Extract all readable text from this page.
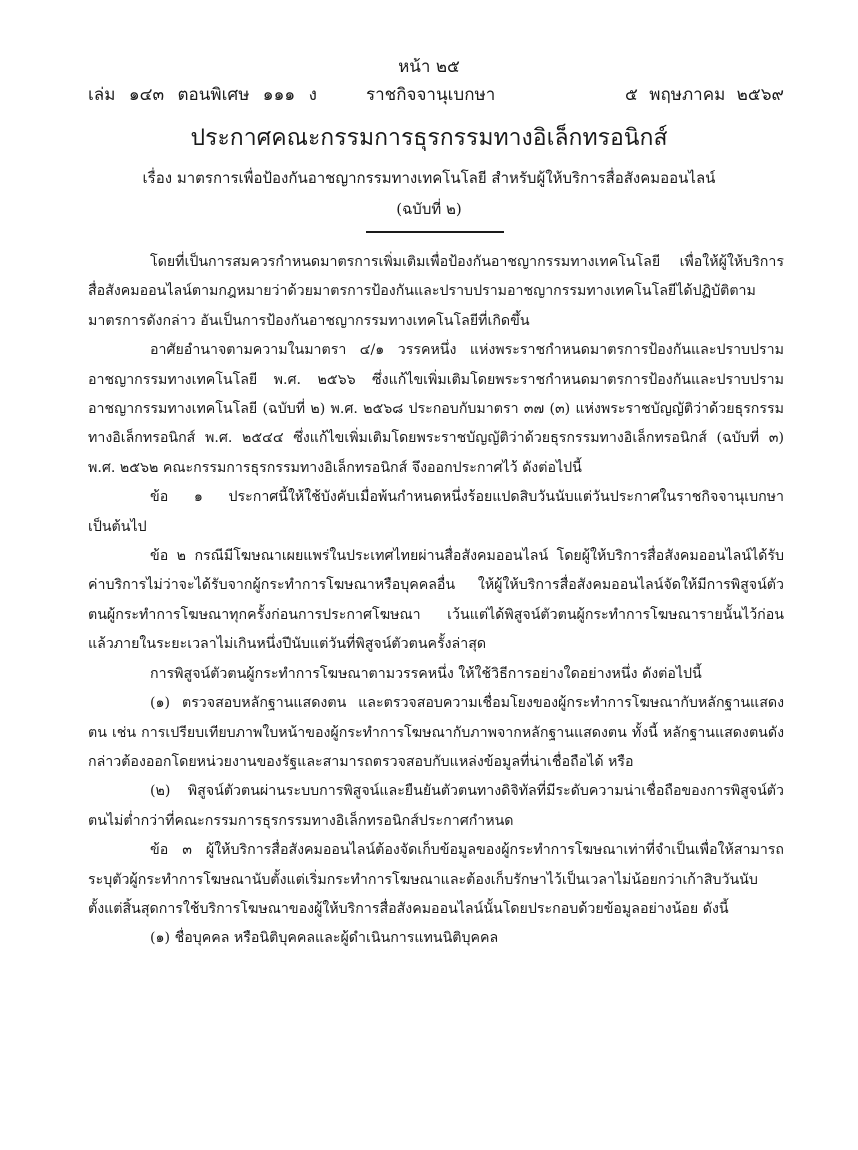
หน้า ๒๕
เล่ม ๑๔๓ ตอนพิเศษ ๑๑๑ ง	ราชกิจจานุเบกษา	๕ พฤษภาคม ๒๕๖๙
ประกาศคณะกรรมการธุรกรรมทางอิเล็กทรอนิกส์
เรื่อง มาตรการเพื่อป้องกันอาชญากรรมทางเทคโนโลยี สำหรับผู้ให้บริการสื่อสังคมออนไลน์
(ฉบับที่ ๒)

โดยที่เป็นการสมควรกำหนดมาตรการเพิ่มเติมเพื่อป้องกันอาชญากรรมทางเทคโนโลยี เพื่อให้ผู้ให้บริการสื่อสังคมออนไลน์ตามกฎหมายว่าด้วยมาตรการป้องกันและปราบปรามอาชญากรรมทางเทคโนโลยีได้ปฏิบัติตามมาตรการดังกล่าว อันเป็นการป้องกันอาชญากรรมทางเทคโนโลยีที่เกิดขึ้น

อาศัยอำนาจตามความในมาตรา ๔/๑ วรรคหนึ่ง แห่งพระราชกำหนดมาตรการป้องกันและปราบปรามอาชญากรรมทางเทคโนโลยี พ.ศ. ๒๕๖๖ ซึ่งแก้ไขเพิ่มเติมโดยพระราชกำหนดมาตรการป้องกันและปราบปรามอาชญากรรมทางเทคโนโลยี (ฉบับที่ ๒) พ.ศ. ๒๕๖๘ ประกอบกับมาตรา ๓๗ (๓) แห่งพระราชบัญญัติว่าด้วยธุรกรรมทางอิเล็กทรอนิกส์ พ.ศ. ๒๕๔๔ ซึ่งแก้ไขเพิ่มเติมโดยพระราชบัญญัติว่าด้วยธุรกรรมทางอิเล็กทรอนิกส์ (ฉบับที่ ๓) พ.ศ. ๒๕๖๒ คณะกรรมการธุรกรรมทางอิเล็กทรอนิกส์ จึงออกประกาศไว้ ดังต่อไปนี้

ข้อ ๑ ประกาศนี้ให้ใช้บังคับเมื่อพ้นกำหนดหนึ่งร้อยแปดสิบวันนับแต่วันประกาศในราชกิจจานุเบกษาเป็นต้นไป

ข้อ ๒ กรณีมีโฆษณาเผยแพร่ในประเทศไทยผ่านสื่อสังคมออนไลน์ โดยผู้ให้บริการสื่อสังคมออนไลน์ได้รับค่าบริการไม่ว่าจะได้รับจากผู้กระทำการโฆษณาหรือบุคคลอื่น ให้ผู้ให้บริการสื่อสังคมออนไลน์จัดให้มีการพิสูจน์ตัวตนผู้กระทำการโฆษณาทุกครั้งก่อนการประกาศโฆษณา เว้นแต่ได้พิสูจน์ตัวตนผู้กระทำการโฆษณารายนั้นไว้ก่อนแล้วภายในระยะเวลาไม่เกินหนึ่งปีนับแต่วันที่พิสูจน์ตัวตนครั้งล่าสุด

การพิสูจน์ตัวตนผู้กระทำการโฆษณาตามวรรคหนึ่ง ให้ใช้วิธีการอย่างใดอย่างหนึ่ง ดังต่อไปนี้

(๑) ตรวจสอบหลักฐานแสดงตน และตรวจสอบความเชื่อมโยงของผู้กระทำการโฆษณากับหลักฐานแสดงตน เช่น การเปรียบเทียบภาพใบหน้าของผู้กระทำการโฆษณากับภาพจากหลักฐานแสดงตน ทั้งนี้ หลักฐานแสดงตนดังกล่าวต้องออกโดยหน่วยงานของรัฐและสามารถตรวจสอบกับแหล่งข้อมูลที่น่าเชื่อถือได้ หรือ

(๒) พิสูจน์ตัวตนผ่านระบบการพิสูจน์และยืนยันตัวตนทางดิจิทัลที่มีระดับความน่าเชื่อถือของการพิสูจน์ตัวตนไม่ต่ำกว่าที่คณะกรรมการธุรกรรมทางอิเล็กทรอนิกส์ประกาศกำหนด

ข้อ ๓ ผู้ให้บริการสื่อสังคมออนไลน์ต้องจัดเก็บข้อมูลของผู้กระทำการโฆษณาเท่าที่จำเป็นเพื่อให้สามารถระบุตัวผู้กระทำการโฆษณานับตั้งแต่เริ่มกระทำการโฆษณาและต้องเก็บรักษาไว้เป็นเวลาไม่น้อยกว่าเก้าสิบวันนับตั้งแต่สิ้นสุดการใช้บริการโฆษณาของผู้ให้บริการสื่อสังคมออนไลน์นั้นโดยประกอบด้วยข้อมูลอย่างน้อย ดังนี้

(๑) ชื่อบุคคล หรือนิติบุคคลและผู้ดำเนินการแทนนิติบุคคล
